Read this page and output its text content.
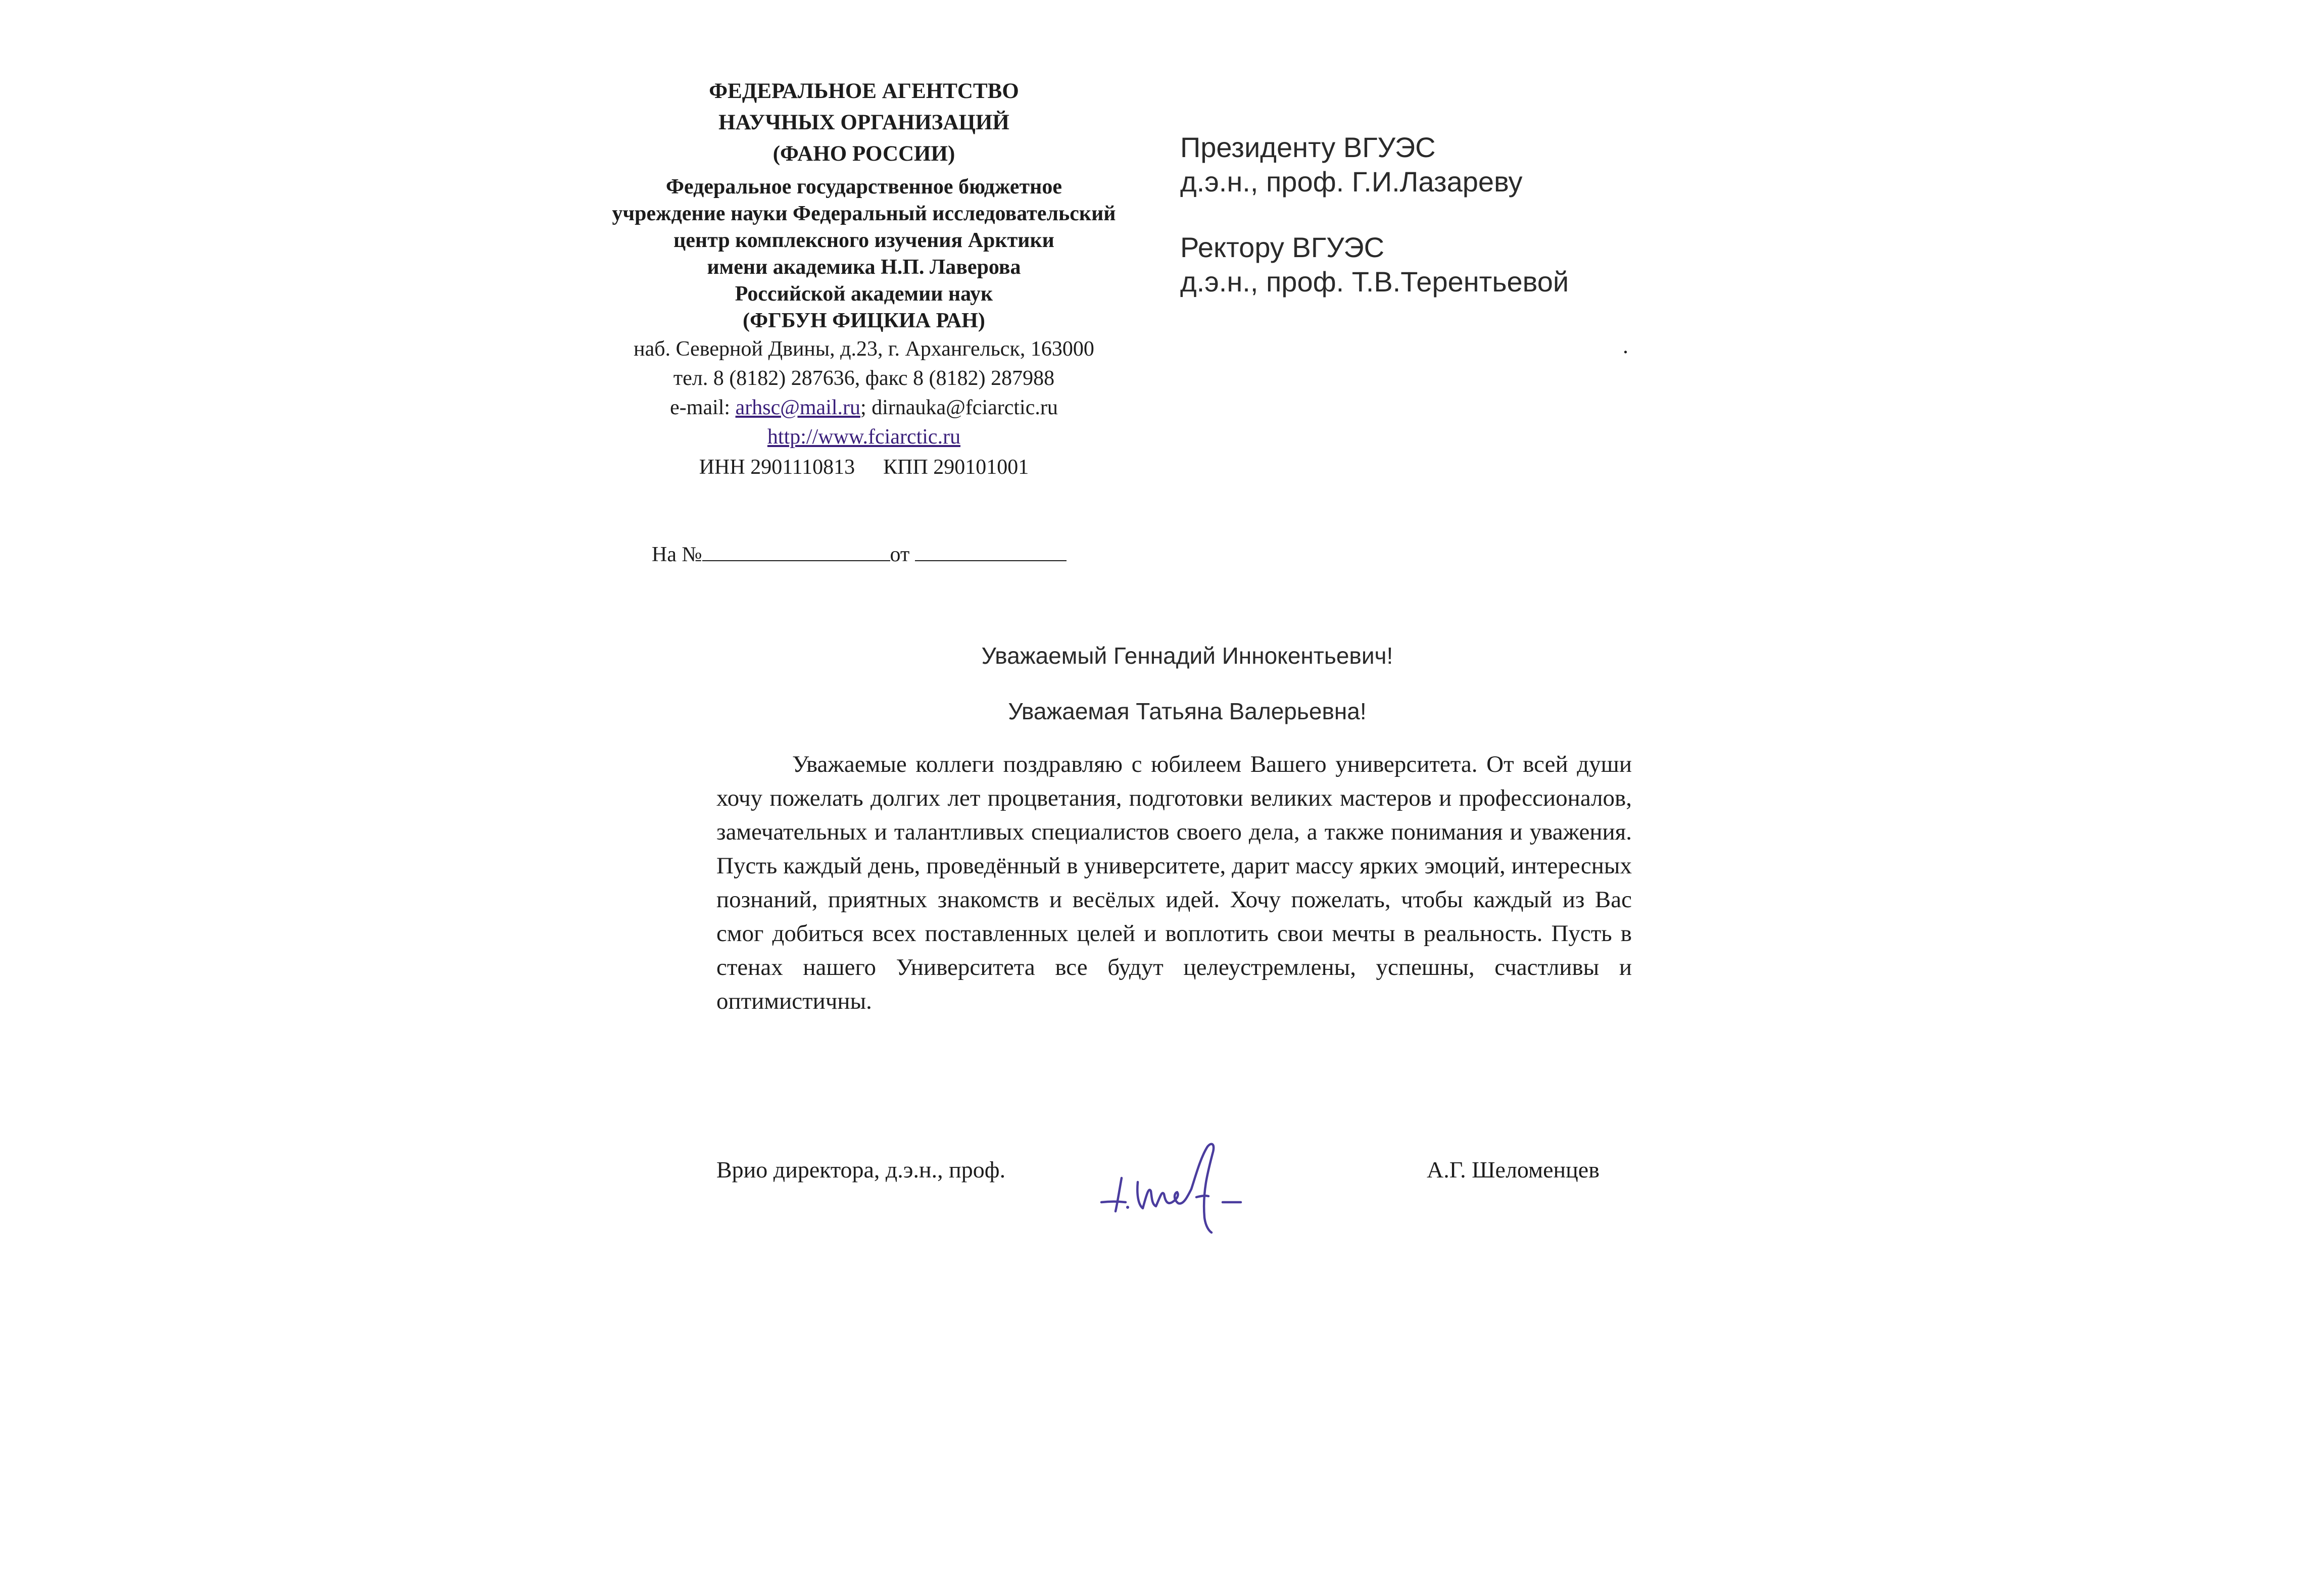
ФЕДЕРАЛЬНОЕ АГЕНТСТВО

НАУЧНЫХ ОРГАНИЗАЦИЙ

(ФАНО РОССИИ)

Федеральное государственное бюджетное
учреждение науки Федеральный исследовательский
центр комплексного изучения Арктики
имени академика Н.П. Лаверова
Российской академии наук
(ФГБУН ФИЦКИА РАН)

наб. Северной Двины, д.23, г. Архангельск, 163000

тел. 8 (8182) 287636, факс 8 (8182) 287988

e-mail: arhsc@mail.ru; dirnauka@fciarctic.ru

http://www.fciarctic.ru

ИНН 2901110813 КПП 290101001

На №	от

Президенту ВГУЭС

д.э.н., проф. Г.И.Лазареву

Ректору ВГУЭС

д.э.н., проф. Т.В.Терентьевой

.
Уважаемый Геннадий Иннокентьевич!
Уважаемая Татьяна Валерьевна!

Уважаемые коллеги поздравляю с юбилеем Вашего университета. От всей души хочу пожелать долгих лет процветания, подготовки великих мастеров и профессионалов, замечательных и талантливых специалистов своего дела, а также понимания и уважения. Пусть каждый день, проведённый в университете, дарит массу ярких эмоций, интересных познаний, приятных знакомств и весёлых идей. Хочу пожелать, чтобы каждый из Вас смог добиться всех поставленных целей и воплотить свои мечты в реальность. Пусть в стенах нашего Университета все будут целеустремлены, успешны, счастливы и оптимистичны.

Врио директора, д.э.н., проф.	А.Г. Шеломенцев
